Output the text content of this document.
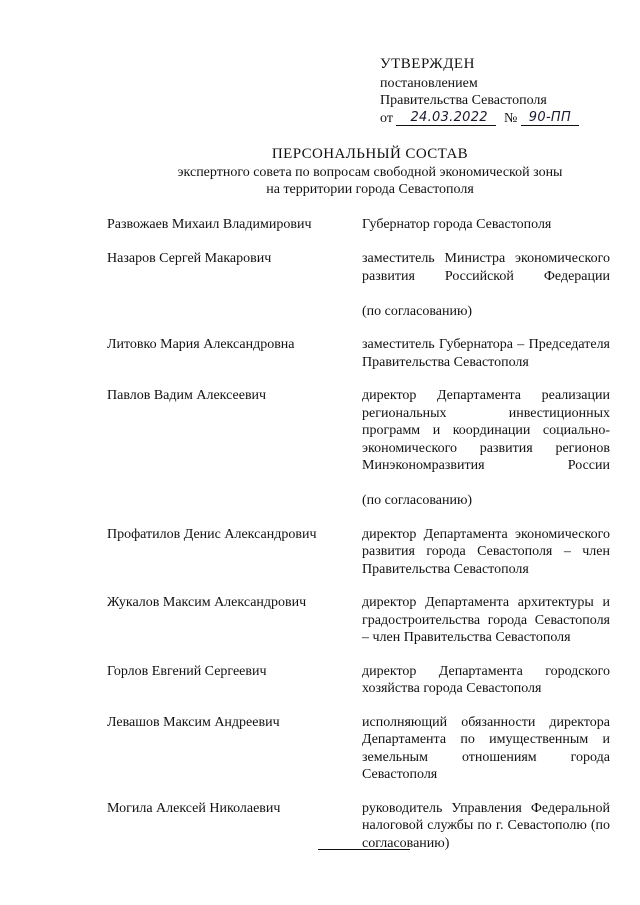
УТВЕРЖДЕН
постановлением
Правительства Севастополя
от 24.03.2022 № 90-ПП
ПЕРСОНАЛЬНЫЙ СОСТАВ
экспертного совета по вопросам свободной экономической зоны
на территории города Севастополя
Развожаев Михаил Владимирович	Губернатор города Севастополя
Назаров Сергей Макарович	заместитель Министра экономического развития Российской Федерации
(по согласованию)
Литовко Мария Александровна	заместитель Губернатора – Председателя Правительства Севастополя
Павлов Вадим Алексеевич	директор Департамента реализации региональных инвестиционных программ и координации социально-экономического развития регионов Минэкономразвития России
(по согласованию)
Профатилов Денис Александрович	директор Департамента экономического развития города Севастополя – член Правительства Севастополя
Жукалов Максим Александрович	директор Департамента архитектуры и градостроительства города Севастополя – член Правительства Севастополя
Горлов Евгений Сергеевич	директор Департамента городского хозяйства города Севастополя
Левашов Максим Андреевич	исполняющий обязанности директора Департамента по имущественным и земельным отношениям города Севастополя
Могила Алексей Николаевич	руководитель Управления Федеральной налоговой службы по г. Севастополю (по согласованию)
